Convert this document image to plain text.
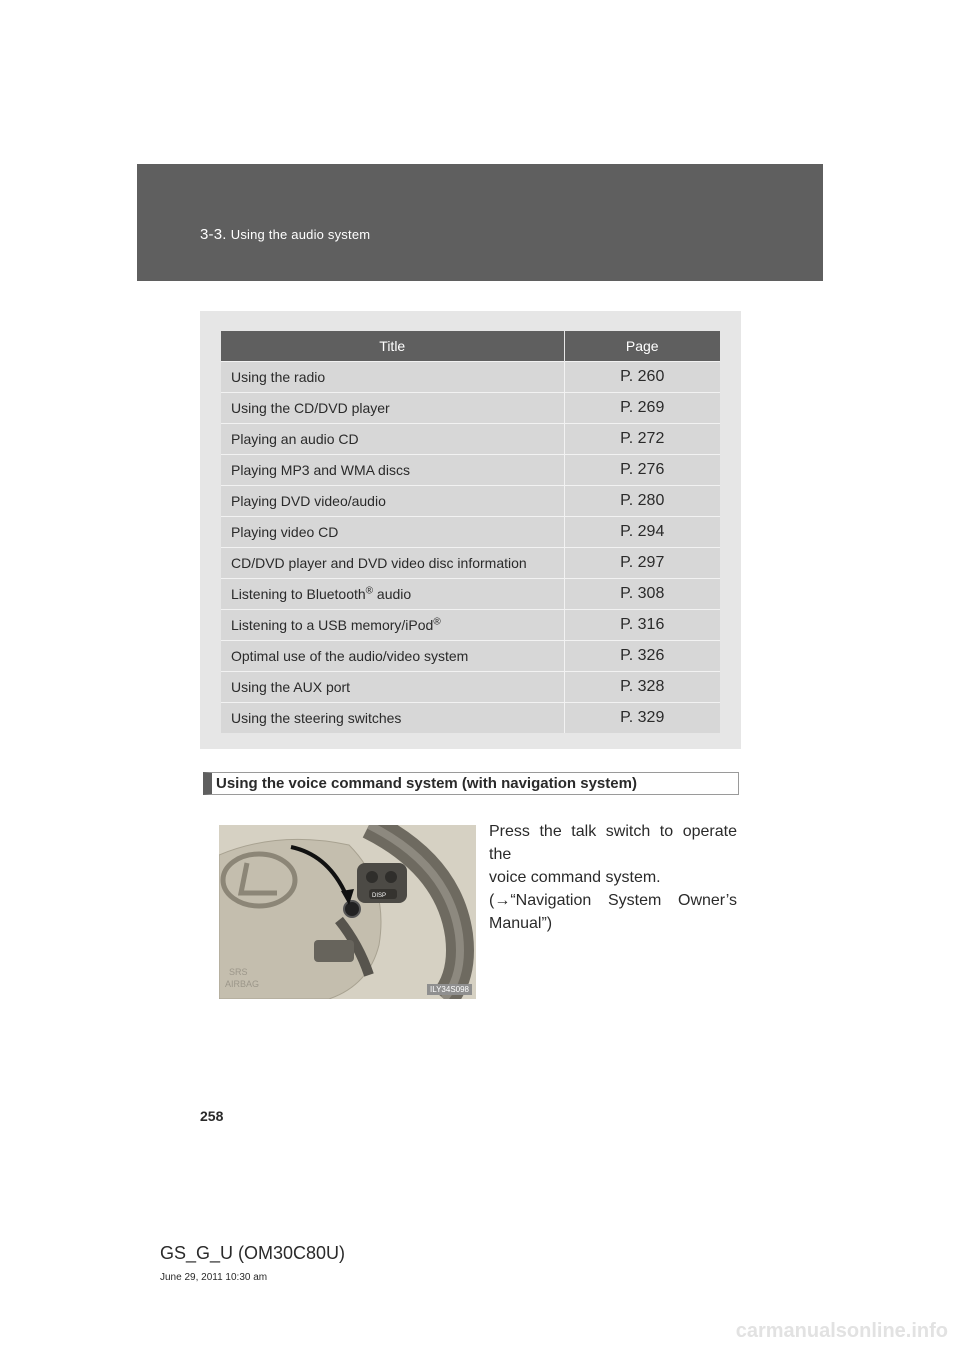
3-3. Using the audio system
Title	Page
Using the radio	P. 260
Using the CD/DVD player	P. 269
Playing an audio CD	P. 272
Playing MP3 and WMA discs	P. 276
Playing DVD video/audio	P. 280
Playing video CD	P. 294
CD/DVD player and DVD video disc information	P. 297
Listening to Bluetooth® audio	P. 308
Listening to a USB memory/iPod®	P. 316
Optimal use of the audio/video system	P. 326
Using the AUX port	P. 328
Using the steering switches	P. 329
Using the voice command system (with navigation system)
SRS
AIRBAG
DISP
ILY34S098

Press the talk switch to operate the

voice command system.

(→“Navigation System Owner’s

Manual”)

258
GS_G_U (OM30C80U)
June 29, 2011 10:30 am
carmanualsonline.info
